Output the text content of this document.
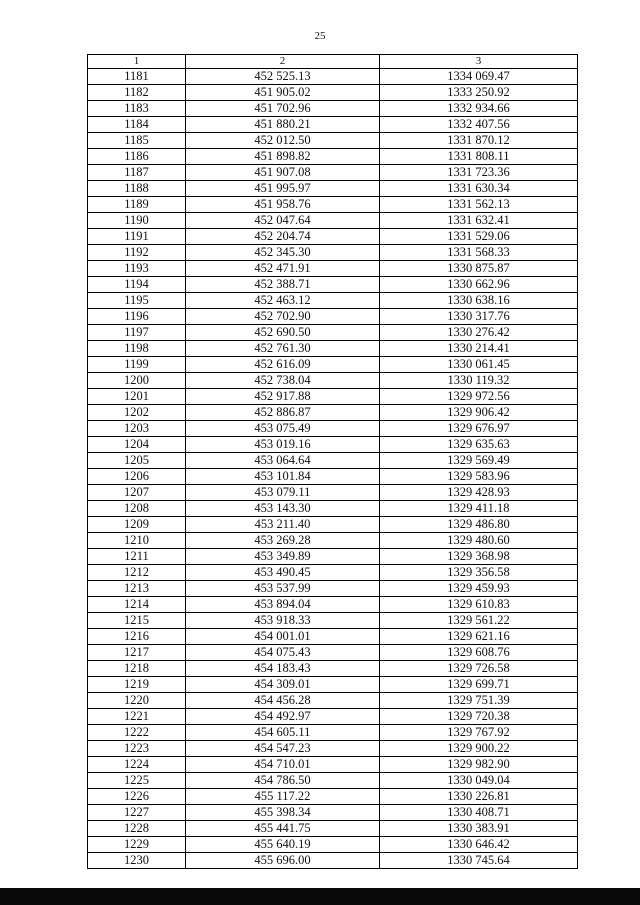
25
1	2	3
1181	452 525.13	1334 069.47
1182	451 905.02	1333 250.92
1183	451 702.96	1332 934.66
1184	451 880.21	1332 407.56
1185	452 012.50	1331 870.12
1186	451 898.82	1331 808.11
1187	451 907.08	1331 723.36
1188	451 995.97	1331 630.34
1189	451 958.76	1331 562.13
1190	452 047.64	1331 632.41
1191	452 204.74	1331 529.06
1192	452 345.30	1331 568.33
1193	452 471.91	1330 875.87
1194	452 388.71	1330 662.96
1195	452 463.12	1330 638.16
1196	452 702.90	1330 317.76
1197	452 690.50	1330 276.42
1198	452 761.30	1330 214.41
1199	452 616.09	1330 061.45
1200	452 738.04	1330 119.32
1201	452 917.88	1329 972.56
1202	452 886.87	1329 906.42
1203	453 075.49	1329 676.97
1204	453 019.16	1329 635.63
1205	453 064.64	1329 569.49
1206	453 101.84	1329 583.96
1207	453 079.11	1329 428.93
1208	453 143.30	1329 411.18
1209	453 211.40	1329 486.80
1210	453 269.28	1329 480.60
1211	453 349.89	1329 368.98
1212	453 490.45	1329 356.58
1213	453 537.99	1329 459.93
1214	453 894.04	1329 610.83
1215	453 918.33	1329 561.22
1216	454 001.01	1329 621.16
1217	454 075.43	1329 608.76
1218	454 183.43	1329 726.58
1219	454 309.01	1329 699.71
1220	454 456.28	1329 751.39
1221	454 492.97	1329 720.38
1222	454 605.11	1329 767.92
1223	454 547.23	1329 900.22
1224	454 710.01	1329 982.90
1225	454 786.50	1330 049.04
1226	455 117.22	1330 226.81
1227	455 398.34	1330 408.71
1228	455 441.75	1330 383.91
1229	455 640.19	1330 646.42
1230	455 696.00	1330 745.64
